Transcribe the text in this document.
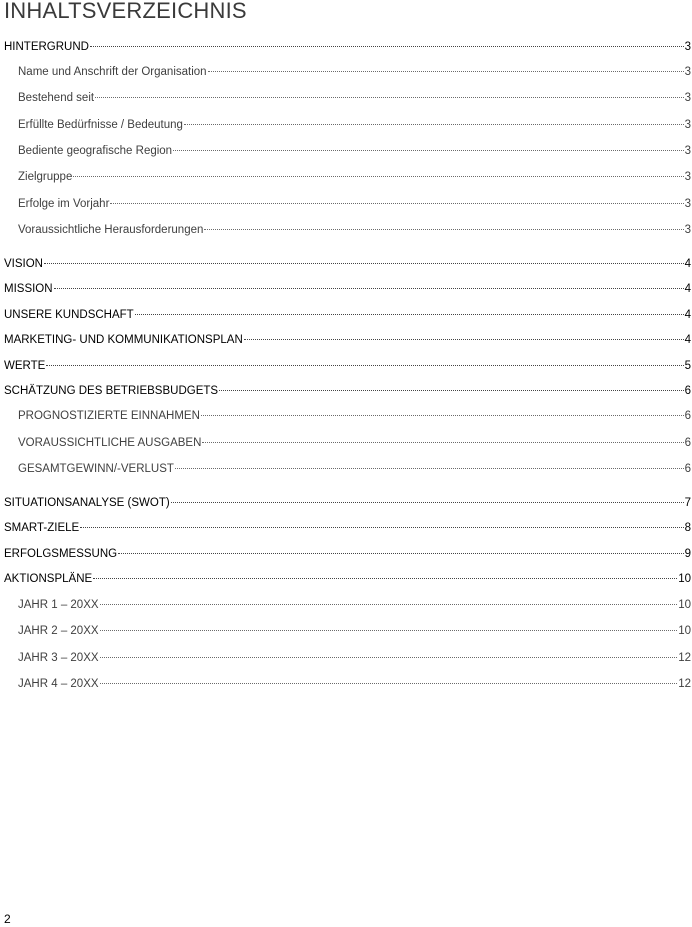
INHALTSVERZEICHNIS
HINTERGRUND	3
Name und Anschrift der Organisation	3
Bestehend seit	3
Erfüllte Bedürfnisse / Bedeutung	3
Bediente geografische Region	3
Zielgruppe	3
Erfolge im Vorjahr	3
Voraussichtliche Herausforderungen	3
VISION	4
MISSION	4
UNSERE KUNDSCHAFT	4
MARKETING- UND KOMMUNIKATIONSPLAN	4
WERTE	5
SCHÄTZUNG DES BETRIEBSBUDGETS	6
PROGNOSTIZIERTE EINNAHMEN	6
VORAUSSICHTLICHE AUSGABEN	6
GESAMTGEWINN/-VERLUST	6
SITUATIONSANALYSE (SWOT)	7
SMART-ZIELE	8
ERFOLGSMESSUNG	9
AKTIONSPLÄNE	10
JAHR 1 – 20XX	10
JAHR 2 – 20XX	10
JAHR 3 – 20XX	12
JAHR 4 – 20XX	12
2
